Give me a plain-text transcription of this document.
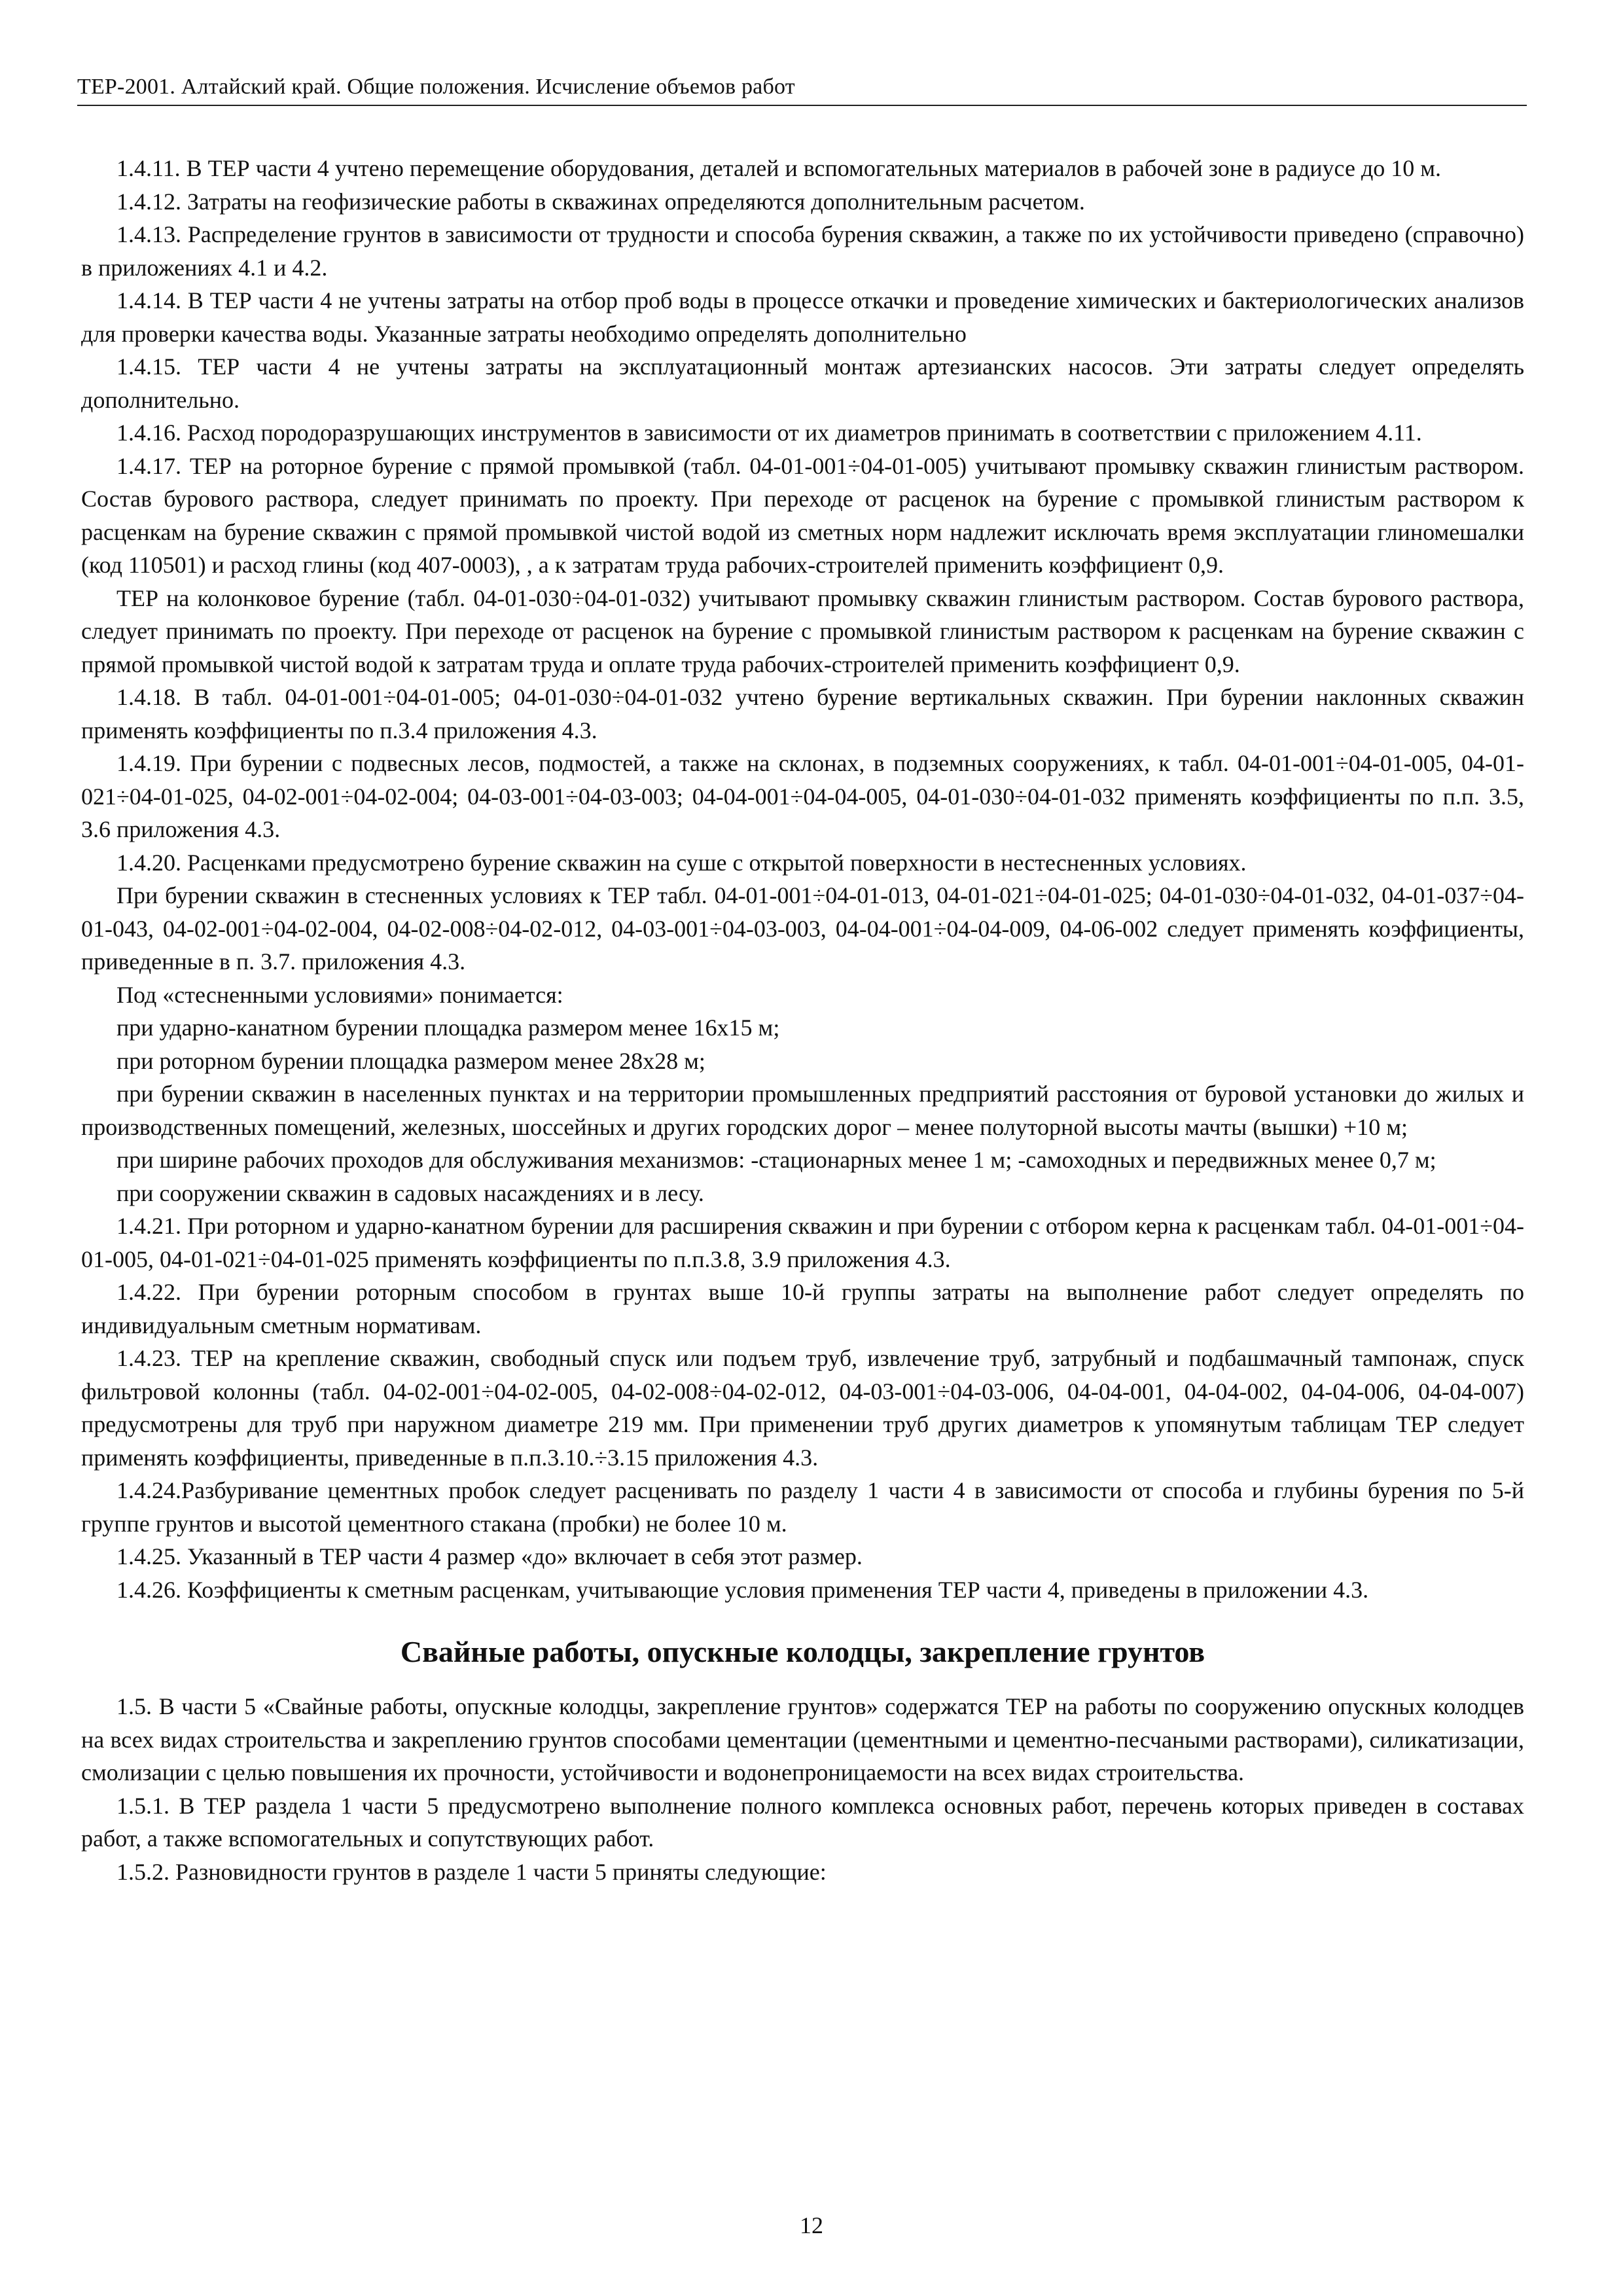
ТЕР-2001. Алтайский край. Общие положения. Исчисление объемов работ

1.4.11. В ТЕР части 4 учтено перемещение оборудования, деталей и вспомогательных материалов в рабочей зоне в радиусе до 10 м.

1.4.12. Затраты на геофизические работы в скважинах определяются дополнительным расчетом.

1.4.13. Распределение грунтов в зависимости от трудности и способа бурения скважин, а также по их устойчивости приведено (справочно) в приложениях 4.1 и 4.2.

1.4.14. В ТЕР части 4 не учтены затраты на отбор проб воды в процессе откачки и проведение химических и бактериологических анализов для проверки качества воды. Указанные затраты необходимо определять дополнительно

1.4.15. ТЕР части 4 не учтены затраты на эксплуатационный монтаж артезианских насосов. Эти затраты следует определять дополнительно.

1.4.16. Расход породоразрушающих инструментов в зависимости от их диаметров принимать в соответствии с приложением 4.11.

1.4.17. ТЕР на роторное бурение с прямой промывкой (табл. 04-01-001÷04-01-005) учитывают промывку скважин глинистым раствором. Состав бурового раствора, следует принимать по проекту. При переходе от расценок на бурение с промывкой глинистым раствором к расценкам на бурение скважин с прямой промывкой чистой водой из сметных норм надлежит исключать время эксплуатации глиномешалки (код 110501) и расход глины (код 407-0003), , а к затратам труда рабочих-строителей применить коэффициент 0,9.

ТЕР на колонковое бурение (табл. 04-01-030÷04-01-032) учитывают промывку скважин глинистым раствором. Состав бурового раствора, следует принимать по проекту. При переходе от расценок на бурение с промывкой глинистым раствором к расценкам на бурение скважин с прямой промывкой чистой водой к затратам труда и оплате труда рабочих-строителей применить коэффициент 0,9.

1.4.18. В табл. 04-01-001÷04-01-005; 04-01-030÷04-01-032 учтено бурение вертикальных скважин. При бурении наклонных скважин применять коэффициенты по п.3.4 приложения 4.3.

1.4.19. При бурении с подвесных лесов, подмостей, а также на склонах, в подземных сооружениях, к табл. 04-01-001÷04-01-005, 04-01-021÷04-01-025, 04-02-001÷04-02-004; 04-03-001÷04-03-003; 04-04-001÷04-04-005, 04-01-030÷04-01-032 применять коэффициенты по п.п. 3.5, 3.6 приложения 4.3.

1.4.20. Расценками предусмотрено бурение скважин на суше с открытой поверхности в нестесненных условиях.

При бурении скважин в стесненных условиях к ТЕР табл. 04-01-001÷04-01-013, 04-01-021÷04-01-025; 04-01-030÷04-01-032, 04-01-037÷04-01-043, 04-02-001÷04-02-004, 04-02-008÷04-02-012, 04-03-001÷04-03-003, 04-04-001÷04-04-009, 04-06-002 следует применять коэффициенты, приведенные в п. 3.7. приложения 4.3.

Под «стесненными условиями» понимается:

при ударно-канатном бурении площадка размером менее 16х15 м;

при роторном бурении площадка размером менее 28х28 м;

при бурении скважин в населенных пунктах и на территории промышленных предприятий расстояния от буровой установки до жилых и производственных помещений, железных, шоссейных и других городских дорог – менее полуторной высоты мачты (вышки) +10 м;

при ширине рабочих проходов для обслуживания механизмов: -стационарных менее 1 м; -самоходных и передвижных менее 0,7 м;

при сооружении скважин в садовых насаждениях и в лесу.

1.4.21. При роторном и ударно-канатном бурении для расширения скважин и при бурении с отбором керна к расценкам табл. 04-01-001÷04-01-005, 04-01-021÷04-01-025 применять коэффициенты по п.п.3.8, 3.9 приложения 4.3.

1.4.22. При бурении роторным способом в грунтах выше 10-й группы затраты на выполнение работ следует определять по индивидуальным сметным нормативам.

1.4.23. ТЕР на крепление скважин, свободный спуск или подъем труб, извлечение труб, затрубный и подбашмачный тампонаж, спуск фильтровой колонны (табл. 04-02-001÷04-02-005, 04-02-008÷04-02-012, 04-03-001÷04-03-006, 04-04-001, 04-04-002, 04-04-006, 04-04-007) предусмотрены для труб при наружном диаметре 219 мм. При применении труб других диаметров к упомянутым таблицам ТЕР следует применять коэффициенты, приведенные в п.п.3.10.÷3.15 приложения 4.3.

1.4.24.Разбуривание цементных пробок следует расценивать по разделу 1 части 4 в зависимости от способа и глубины бурения по 5-й группе грунтов и высотой цементного стакана (пробки) не более 10 м.

1.4.25. Указанный в ТЕР части 4 размер «до» включает в себя этот размер.

1.4.26. Коэффициенты к сметным расценкам, учитывающие условия применения ТЕР части 4, приведены в приложении 4.3.

Свайные работы, опускные колодцы, закрепление грунтов

1.5. В части 5 «Свайные работы, опускные колодцы, закрепление грунтов» содержатся ТЕР на работы по сооружению опускных колодцев на всех видах строительства и закреплению грунтов способами цементации (цементными и цементно-песчаными растворами), силикатизации, смолизации с целью повышения их прочности, устойчивости и водонепроницаемости на всех видах строительства.

1.5.1. В ТЕР раздела 1 части 5 предусмотрено выполнение полного комплекса основных работ, перечень которых приведен в составах работ, а также вспомогательных и сопутствующих работ.

1.5.2. Разновидности грунтов в разделе 1 части 5 приняты следующие:

12
